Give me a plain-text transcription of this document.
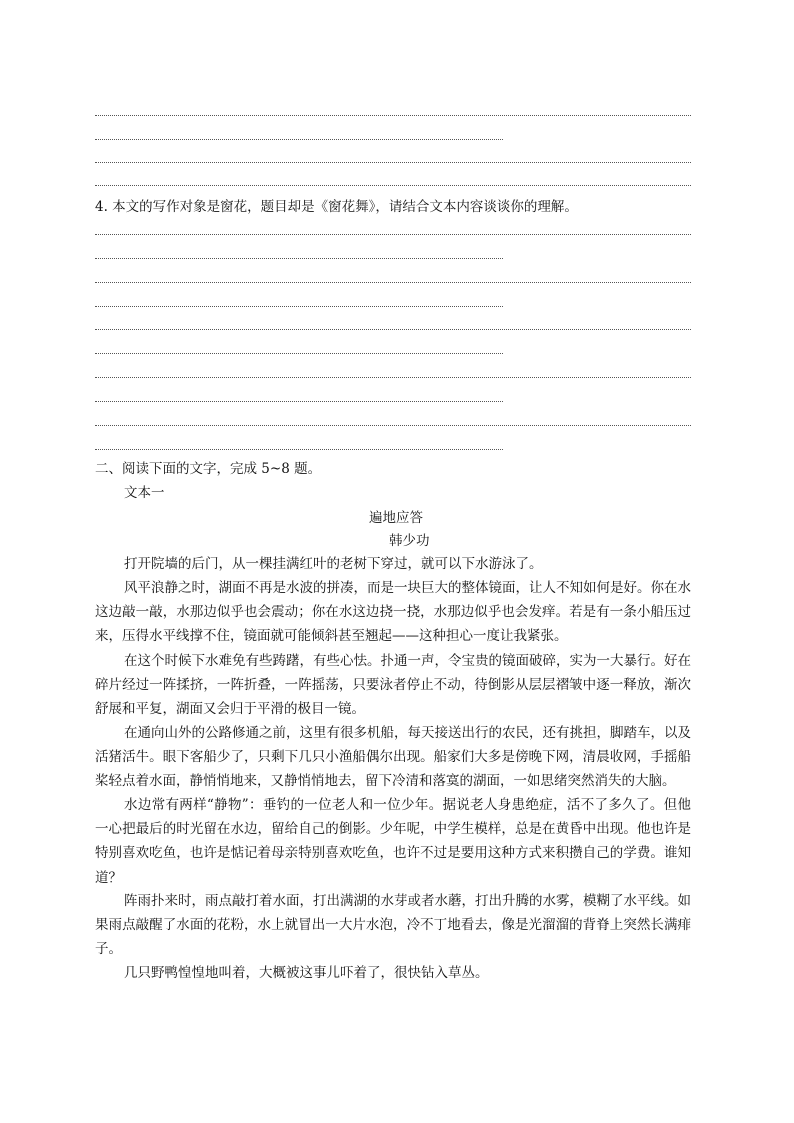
4. 本文的写作对象是窗花，题目却是《窗花舞》，请结合文本内容谈谈你的理解。
二、阅读下面的文字，完成 5~8 题。
文本一
遍地应答
韩少功

打开院墙的后门，从一棵挂满红叶的老树下穿过，就可以下水游泳了。

风平浪静之时，湖面不再是水波的拼凑，而是一块巨大的整体镜面，让人不知如何是好。你在水这边敲一敲，水那边似乎也会震动；你在水这边挠一挠，水那边似乎也会发痒。若是有一条小船压过来，压得水平线撑不住，镜面就可能倾斜甚至翘起——这种担心一度让我紧张。

在这个时候下水难免有些踌躇，有些心怯。扑通一声，令宝贵的镜面破碎，实为一大暴行。好在碎片经过一阵揉挤，一阵折叠，一阵摇荡，只要泳者停止不动，待倒影从层层褶皱中逐一释放，渐次舒展和平复，湖面又会归于平滑的极目一镜。

在通向山外的公路修通之前，这里有很多机船，每天接送出行的农民，还有挑担，脚踏车，以及活猪活牛。眼下客船少了，只剩下几只小渔船偶尔出现。船家们大多是傍晚下网，清晨收网，手摇船桨轻点着水面，静悄悄地来，又静悄悄地去，留下冷清和落寞的湖面，一如思绪突然消失的大脑。

水边常有两样“静物”：垂钓的一位老人和一位少年。据说老人身患绝症，活不了多久了。但他一心把最后的时光留在水边，留给自己的倒影。少年呢，中学生模样，总是在黄昏中出现。他也许是特别喜欢吃鱼，也许是惦记着母亲特别喜欢吃鱼，也许不过是要用这种方式来积攒自己的学费。谁知道？

阵雨扑来时，雨点敲打着水面，打出满湖的水芽或者水蘑，打出升腾的水雾，模糊了水平线。如果雨点敲醒了水面的花粉，水上就冒出一大片水泡，冷不丁地看去，像是光溜溜的背脊上突然长满痱子。

几只野鸭惶惶地叫着，大概被这事儿吓着了，很快钻入草丛。
